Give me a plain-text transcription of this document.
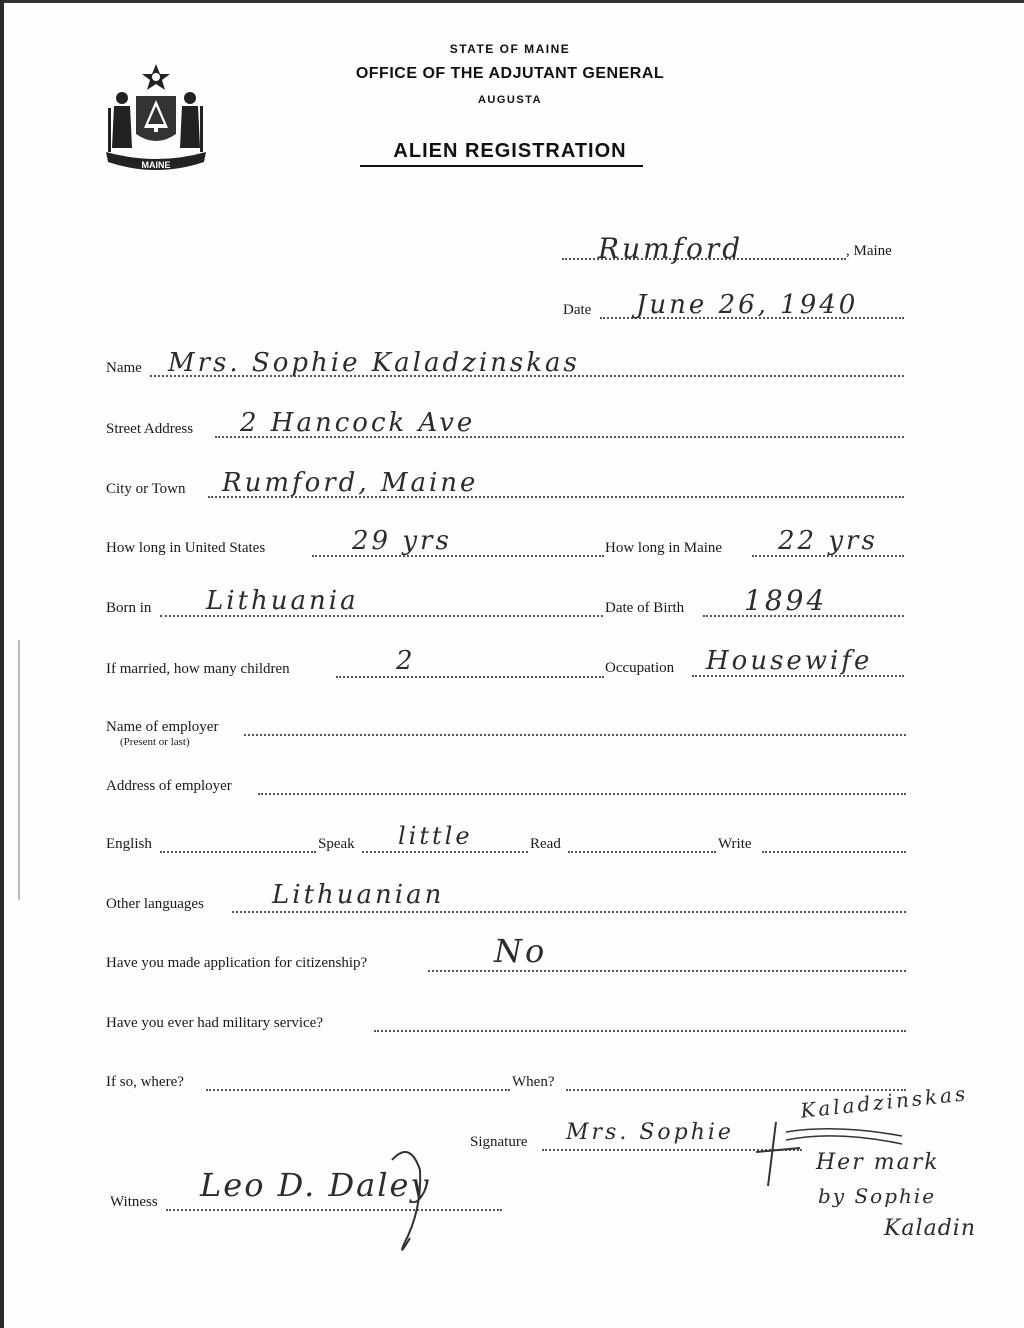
MAINE
STATE OF MAINE
OFFICE OF THE ADJUTANT GENERAL
AUGUSTA
ALIEN REGISTRATION
Rumford	, Maine
Date June 26, 1940
Name Mrs. Sophie Kaladzinskas
Street Address 2 Hancock Ave
City or Town Rumford, Maine
How long in United States	29 yrs	How long in Maine 22 yrs
Born in Lithuania	Date of Birth 1894
If married, how many children	2	Occupation Housewife
Name of employer
(Present or last)
Address of employer
English	Speak little	Read	Write
Other languages	Lithuanian
Have you made application for citizenship?	No
Have you ever had military service?
If so, where?	When?
Signature Mrs. Sophie
Kaladzinskas
Her mark
by Sophie
Kaladin
Witness Leo D. Daley
